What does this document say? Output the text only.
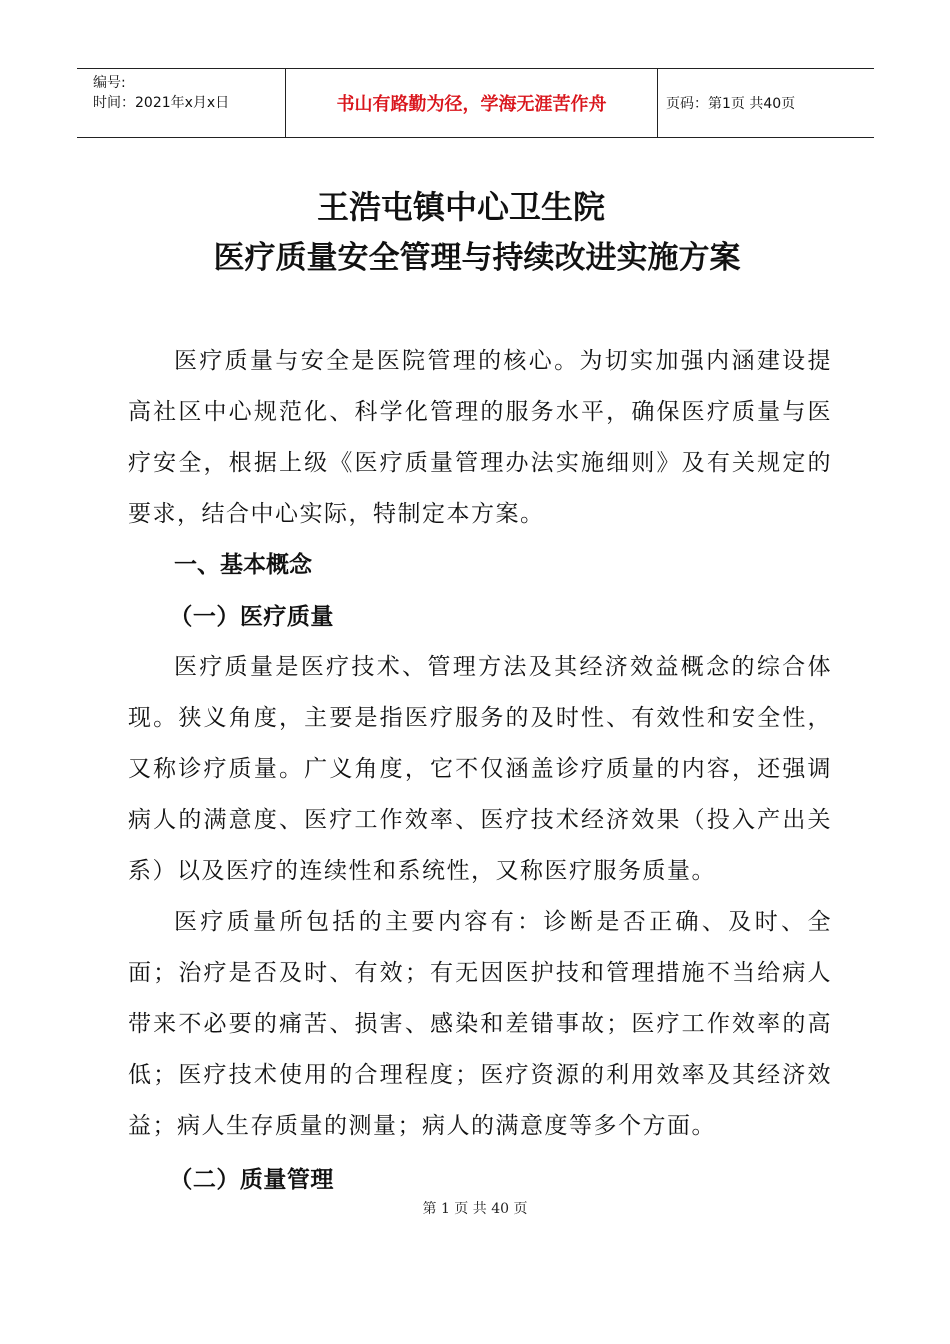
编号:
时间：2021年x月x日	书山有路勤为径，学海无涯苦作舟	页码：第1页 共40页
王浩屯镇中心卫生院
医疗质量安全管理与持续改进实施方案

医疗质量与安全是医院管理的核心。为切实加强内涵建设提高社区中心规范化、科学化管理的服务水平，确保医疗质量与医疗安全，根据上级《医疗质量管理办法实施细则》及有关规定的要求，结合中心实际，特制定本方案。

一、基本概念

（一）医疗质量

医疗质量是医疗技术、管理方法及其经济效益概念的综合体现。狭义角度，主要是指医疗服务的及时性、有效性和安全性，又称诊疗质量。广义角度，它不仅涵盖诊疗质量的内容，还强调病人的满意度、医疗工作效率、医疗技术经济效果（投入产出关系）以及医疗的连续性和系统性，又称医疗服务质量。

医疗质量所包括的主要内容有：诊断是否正确、及时、全面；治疗是否及时、有效；有无因医护技和管理措施不当给病人带来不必要的痛苦、损害、感染和差错事故；医疗工作效率的高低；医疗技术使用的合理程度；医疗资源的利用效率及其经济效益；病人生存质量的测量；病人的满意度等多个方面。

（二）质量管理

第 1 页 共 40 页
